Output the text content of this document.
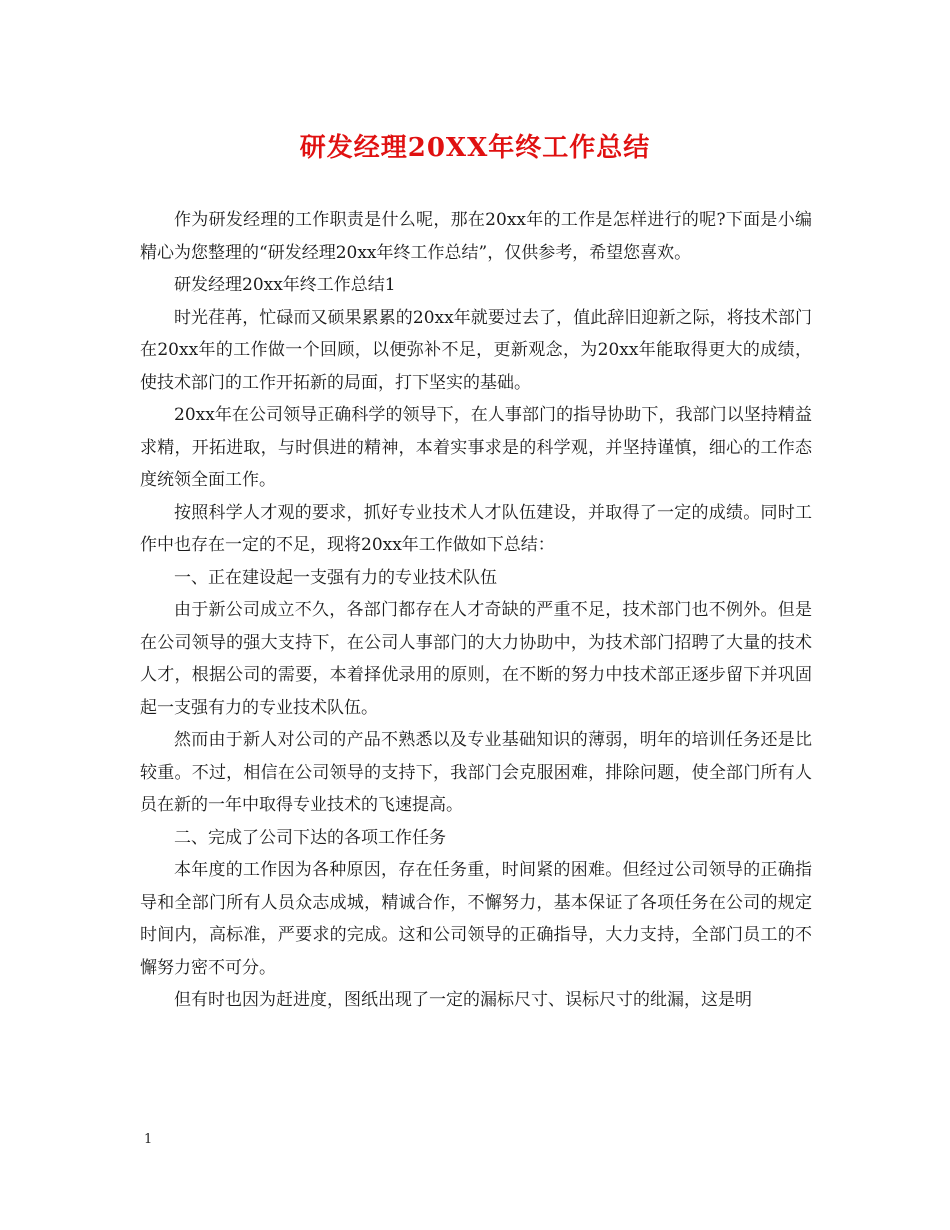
研发经理20XX年终工作总结

作为研发经理的工作职责是什么呢，那在20xx年的工作是怎样进行的呢?下面是小编精心为您整理的“研发经理20xx年终工作总结”，仅供参考，希望您喜欢。

研发经理20xx年终工作总结1

时光荏苒，忙碌而又硕果累累的20xx年就要过去了，值此辞旧迎新之际，将技术部门在20xx年的工作做一个回顾，以便弥补不足，更新观念，为20xx年能取得更大的成绩，使技术部门的工作开拓新的局面，打下坚实的基础。

20xx年在公司领导正确科学的领导下，在人事部门的指导协助下，我部门以坚持精益求精，开拓进取，与时俱进的精神，本着实事求是的科学观，并坚持谨慎，细心的工作态度统领全面工作。

按照科学人才观的要求，抓好专业技术人才队伍建设，并取得了一定的成绩。同时工作中也存在一定的不足，现将20xx年工作做如下总结：

一、正在建设起一支强有力的专业技术队伍

由于新公司成立不久，各部门都存在人才奇缺的严重不足，技术部门也不例外。但是在公司领导的强大支持下，在公司人事部门的大力协助中，为技术部门招聘了大量的技术人才，根据公司的需要，本着择优录用的原则，在不断的努力中技术部正逐步留下并巩固起一支强有力的专业技术队伍。

然而由于新人对公司的产品不熟悉以及专业基础知识的薄弱，明年的培训任务还是比较重。不过，相信在公司领导的支持下，我部门会克服困难，排除问题，使全部门所有人员在新的一年中取得专业技术的飞速提高。

二、完成了公司下达的各项工作任务

本年度的工作因为各种原因，存在任务重，时间紧的困难。但经过公司领导的正确指导和全部门所有人员众志成城，精诚合作，不懈努力，基本保证了各项任务在公司的规定时间内，高标准，严要求的完成。这和公司领导的正确指导，大力支持，全部门员工的不懈努力密不可分。

但有时也因为赶进度，图纸出现了一定的漏标尺寸、误标尺寸的纰漏，这是明

1
